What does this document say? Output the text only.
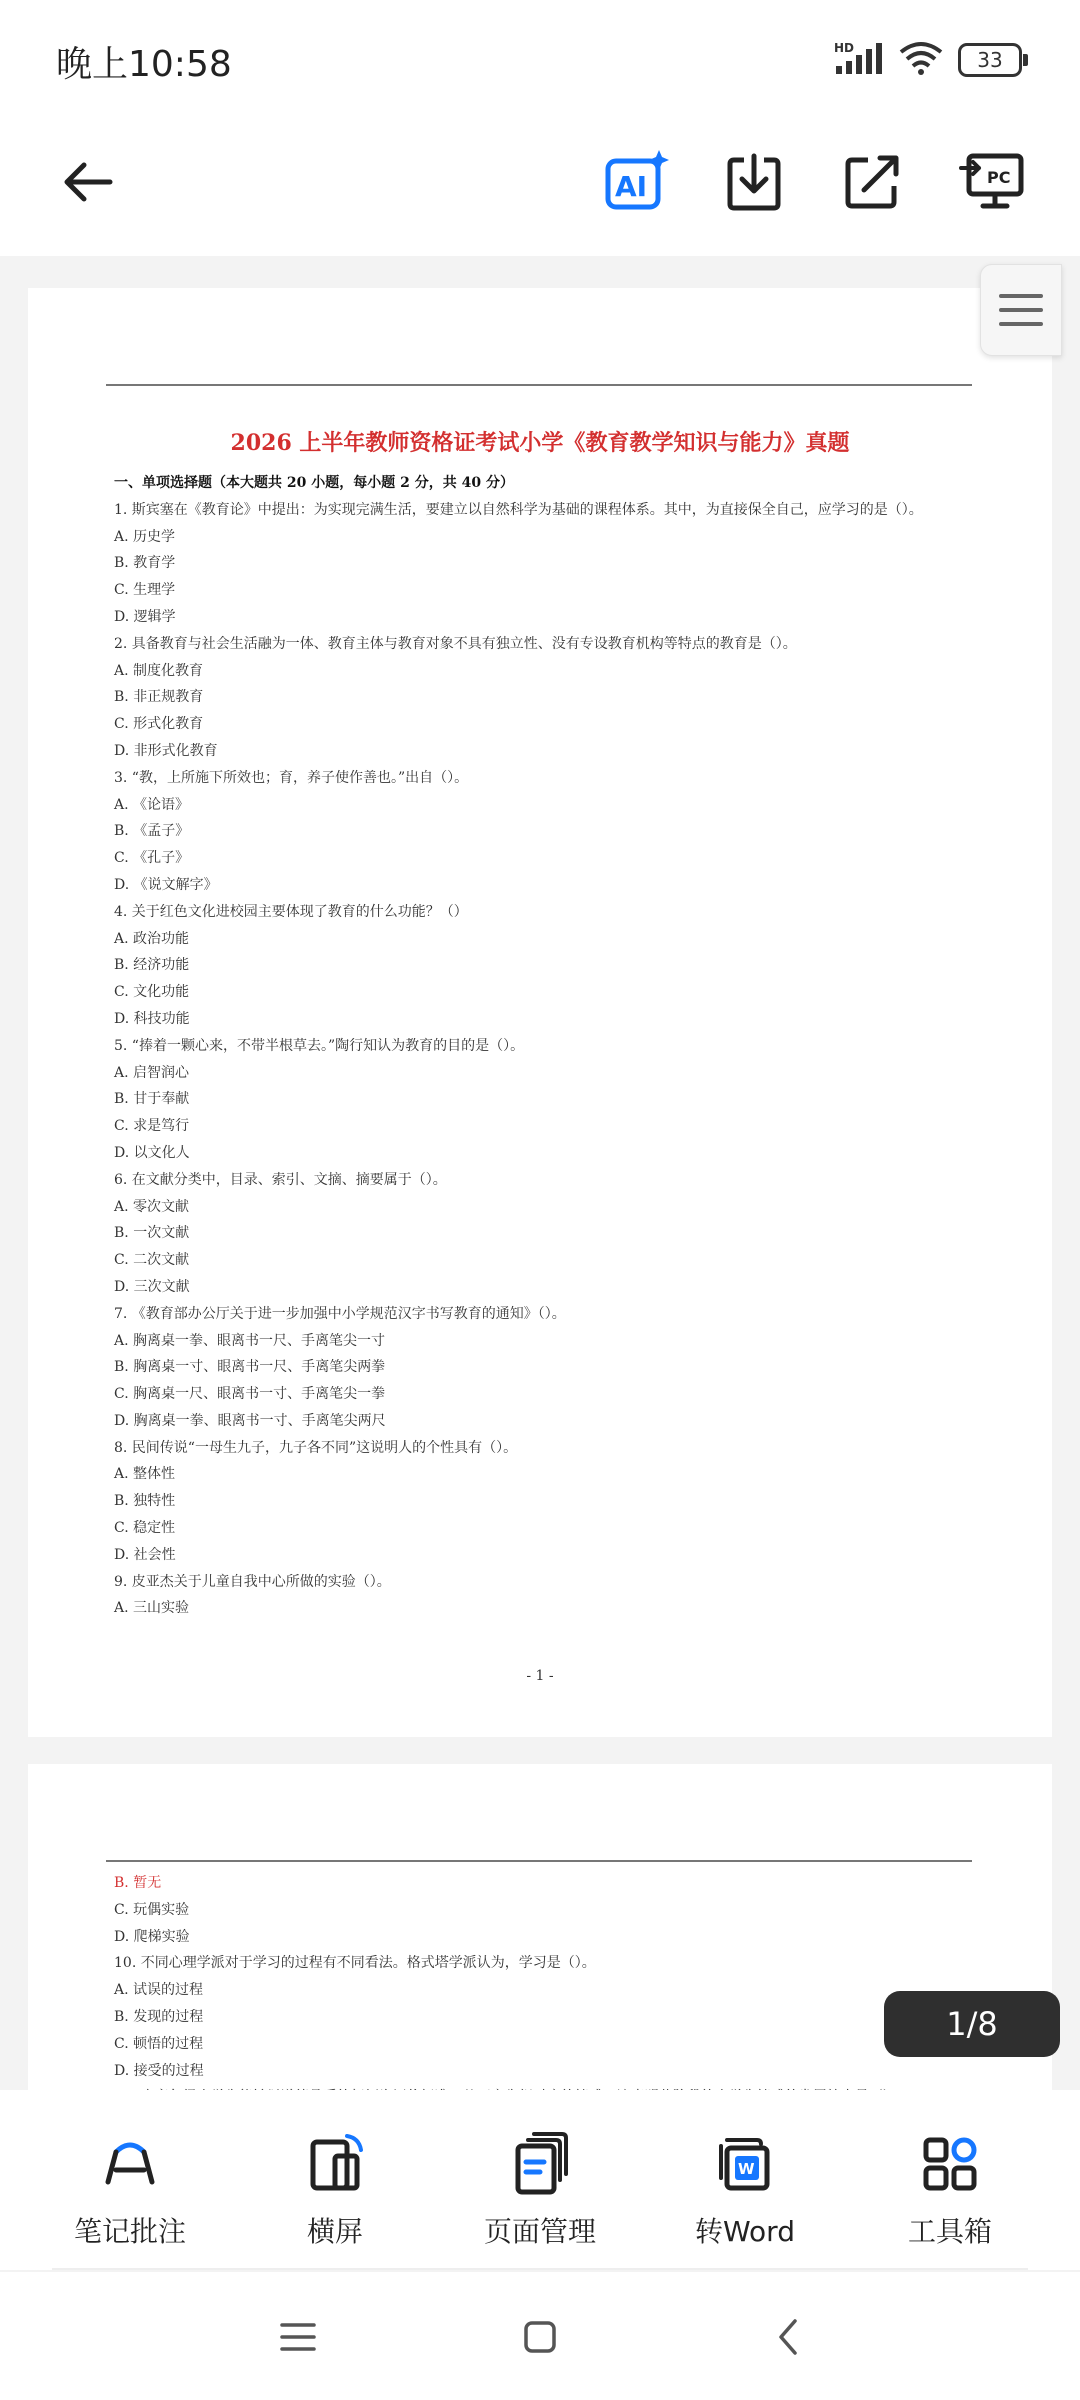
晚上10:58	HD	33
AI	PC
2026 上半年教师资格证考试小学《教育教学知识与能力》真题
一、单项选择题（本大题共 20 小题，每小题 2 分，共 40 分）
1. 斯宾塞在《教育论》中提出：为实现完满生活，要建立以自然科学为基础的课程体系。其中，为直接保全自己，应学习的是（）。
A. 历史学
B. 教育学
C. 生理学
D. 逻辑学
2. 具备教育与社会生活融为一体、教育主体与教育对象不具有独立性、没有专设教育机构等特点的教育是（）。
A. 制度化教育
B. 非正规教育
C. 形式化教育
D. 非形式化教育
3. “教，上所施下所效也；育，养子使作善也。”出自（）。
A. 《论语》
B. 《孟子》
C. 《孔子》
D. 《说文解字》
4. 关于红色文化进校园主要体现了教育的什么功能？（）
A. 政治功能
B. 经济功能
C. 文化功能
D. 科技功能
5. “捧着一颗心来，不带半根草去。”陶行知认为教育的目的是（）。
A. 启智润心
B. 甘于奉献
C. 求是笃行
D. 以文化人
6. 在文献分类中，目录、索引、文摘、摘要属于（）。
A. 零次文献
B. 一次文献
C. 二次文献
D. 三次文献
7. 《教育部办公厅关于进一步加强中小学规范汉字书写教育的通知》（）。
A. 胸离桌一拳、眼离书一尺、手离笔尖一寸
B. 胸离桌一寸、眼离书一尺、手离笔尖两拳
C. 胸离桌一尺、眼离书一寸、手离笔尖一拳
D. 胸离桌一拳、眼离书一寸、手离笔尖两尺
8. 民间传说“一母生九子，九子各不同”这说明人的个性具有（）。
A. 整体性
B. 独特性
C. 稳定性
D. 社会性
9. 皮亚杰关于儿童自我中心所做的实验（）。
A. 三山实验
- 1 -
B. 暂无
C. 玩偶实验
D. 爬梯实验
10. 不同心理学派对于学习的过程有不同看法。格式塔学派认为，学习是（）。
A. 试误的过程
B. 发现的过程
C. 顿悟的过程
D. 接受的过程
1/8
笔记批注	横屏	页面管理
W
转Word	工具箱
